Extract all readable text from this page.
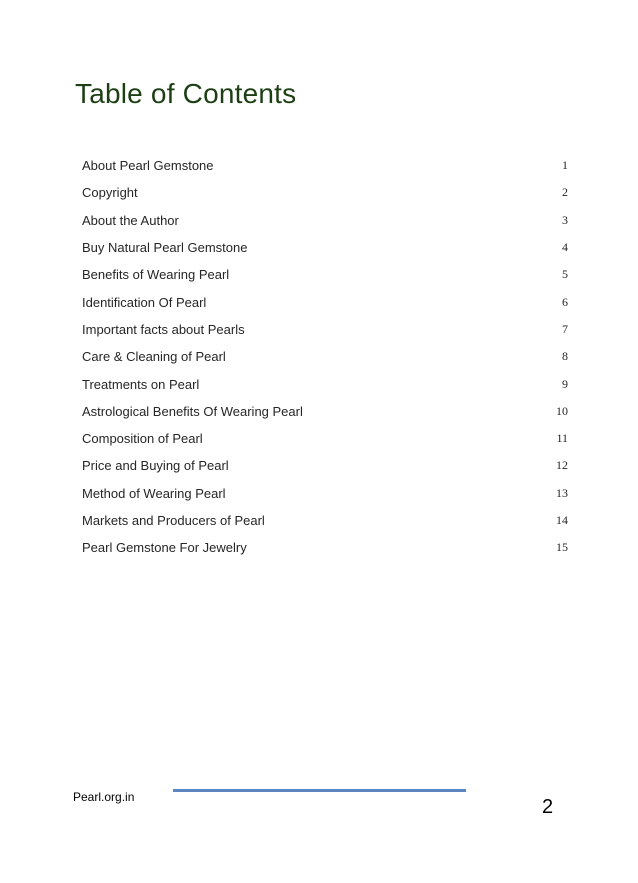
Table of Contents
About Pearl Gemstone	1
Copyright	2
About the Author	3
Buy Natural Pearl Gemstone	4
Benefits of Wearing Pearl	5
Identification Of Pearl	6
Important facts about Pearls	7
Care & Cleaning of Pearl	8
Treatments on Pearl	9
Astrological Benefits Of Wearing Pearl	10
Composition of Pearl	11
Price and Buying of Pearl	12
Method of Wearing Pearl	13
Markets and Producers of Pearl	14
Pearl Gemstone For Jewelry	15
Pearl.org.in	2
